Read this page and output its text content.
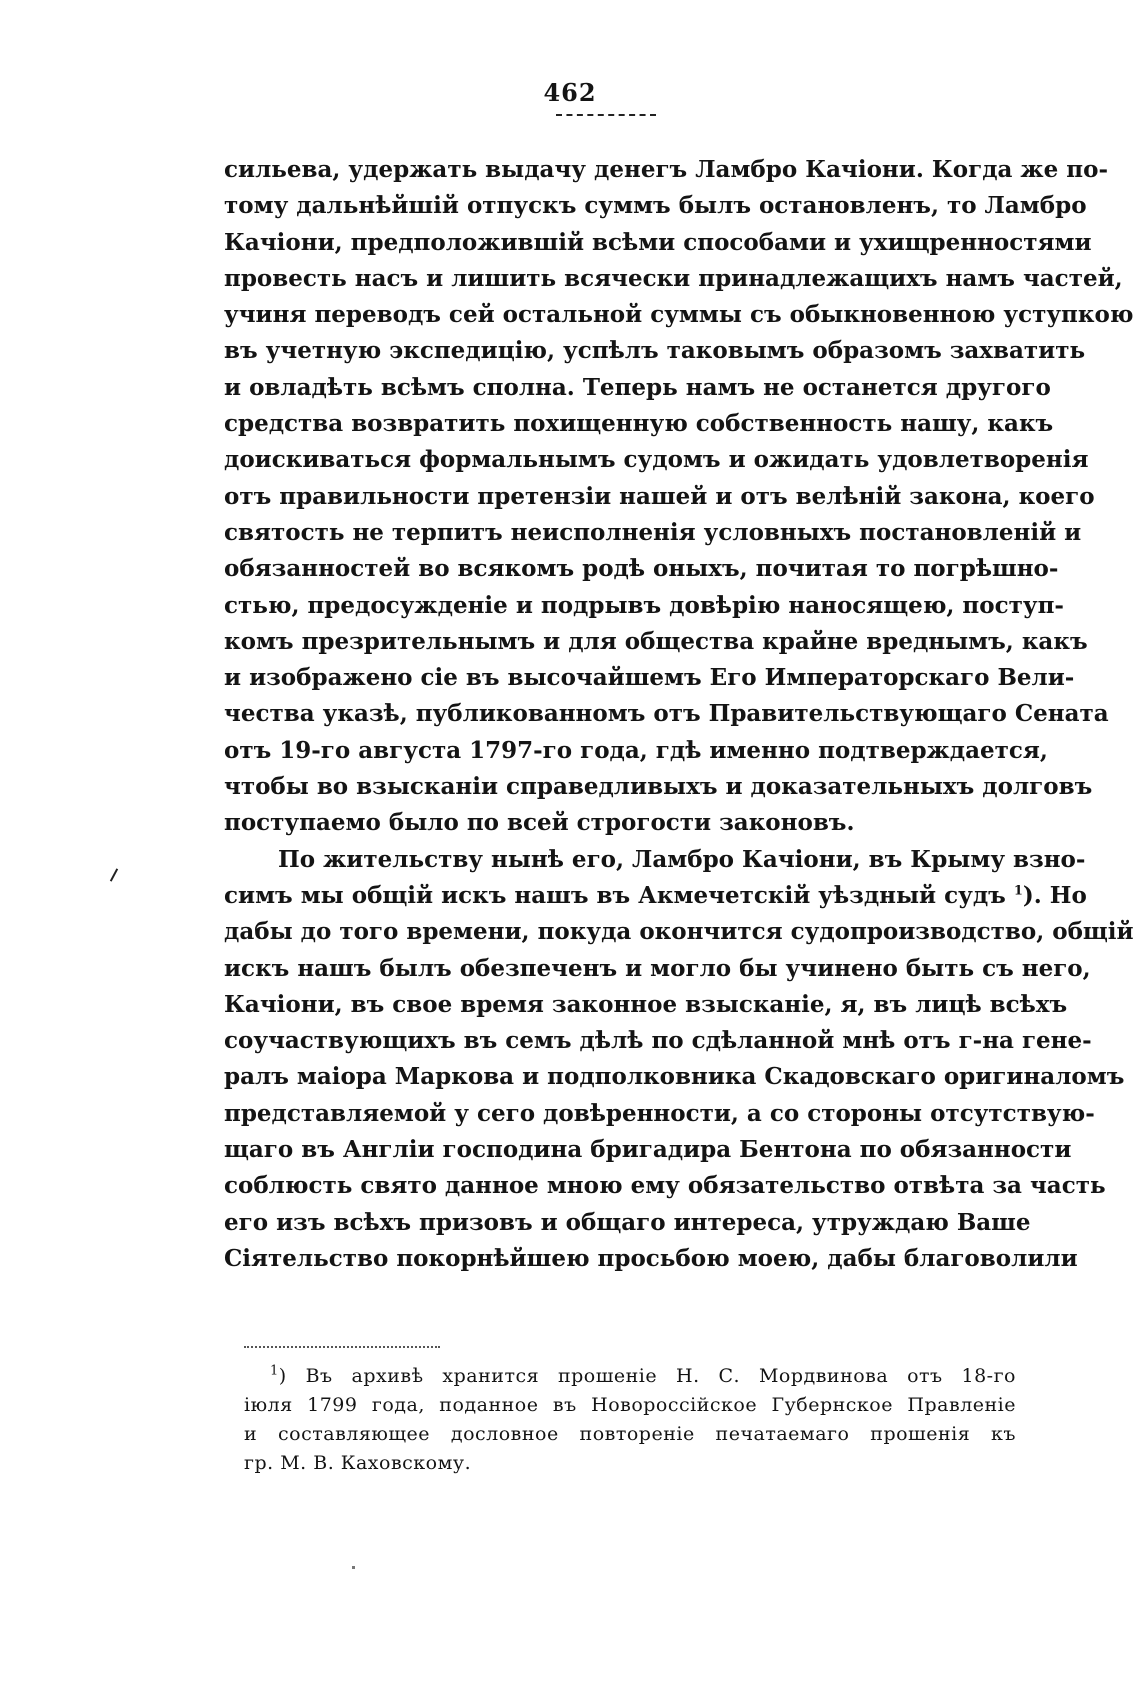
462
сильева, удержать выдачу денегъ Ламбро Качіони. Когда же по-
тому дальнѣйшій отпускъ суммъ былъ остановленъ, то Ламбро
Качіони, предположившій всѣми способами и ухищренностями
провесть насъ и лишить всячески принадлежащихъ намъ частей,
учиня переводъ сей остальной суммы съ обыкновенною уступкою
въ учетную экспедицію, успѣлъ таковымъ образомъ захватить
и овладѣть всѣмъ сполна. Теперь намъ не останется другого
средства возвратить похищенную собственность нашу, какъ
доискиваться формальнымъ судомъ и ожидать удовлетворенія
отъ правильности претензіи нашей и отъ велѣній закона, коего
святость не терпитъ неисполненія условныхъ постановленій и
обязанностей во всякомъ родѣ оныхъ, почитая то погрѣшно-
стью, предосужденіе и подрывъ довѣрію наносящею, поступ-
комъ презрительнымъ и для общества крайне вреднымъ, какъ
и изображено сіе въ высочайшемъ Его Императорскаго Вели-
чества указѣ, публикованномъ отъ Правительствующаго Сената
отъ 19-го августа 1797-го года, гдѣ именно подтверждается,
чтобы во взысканіи справедливыхъ и доказательныхъ долговъ
поступаемо было по всей строгости законовъ.
По жительству нынѣ его, Ламбро Качіони, въ Крыму взно-
симъ мы общій искъ нашъ въ Акмечетскій уѣздный судъ $^1$). Но
дабы до того времени, покуда окончится судопроизводство, общій
искъ нашъ былъ обезпеченъ и могло бы учинено быть съ него,
Качіони, въ свое время законное взысканіе, я, въ лицѣ всѣхъ
соучаствующихъ въ семъ дѣлѣ по сдѣланной мнѣ отъ г-на гене-
ралъ маіора Маркова и подполковника Скадовскаго оригиналомъ
представляемой у сего довѣренности, а со стороны отсутствую-
щаго въ Англіи господина бригадира Бентона по обязанности
соблюсть свято данное мною ему обязательство отвѣта за часть
его изъ всѣхъ призовъ и общаго интереса, утруждаю Ваше
Сіятельство покорнѣйшею просьбою моею, дабы благоволили
$^1$) Въ архивѣ хранится прошеніе Н. С. Мордвинова отъ 18-го
іюля 1799 года, поданное въ Новороссійское Губернское Правленіе
и составляющее дословное повтореніе печатаемаго прошенія къ
гр. М. В. Каховскому.
